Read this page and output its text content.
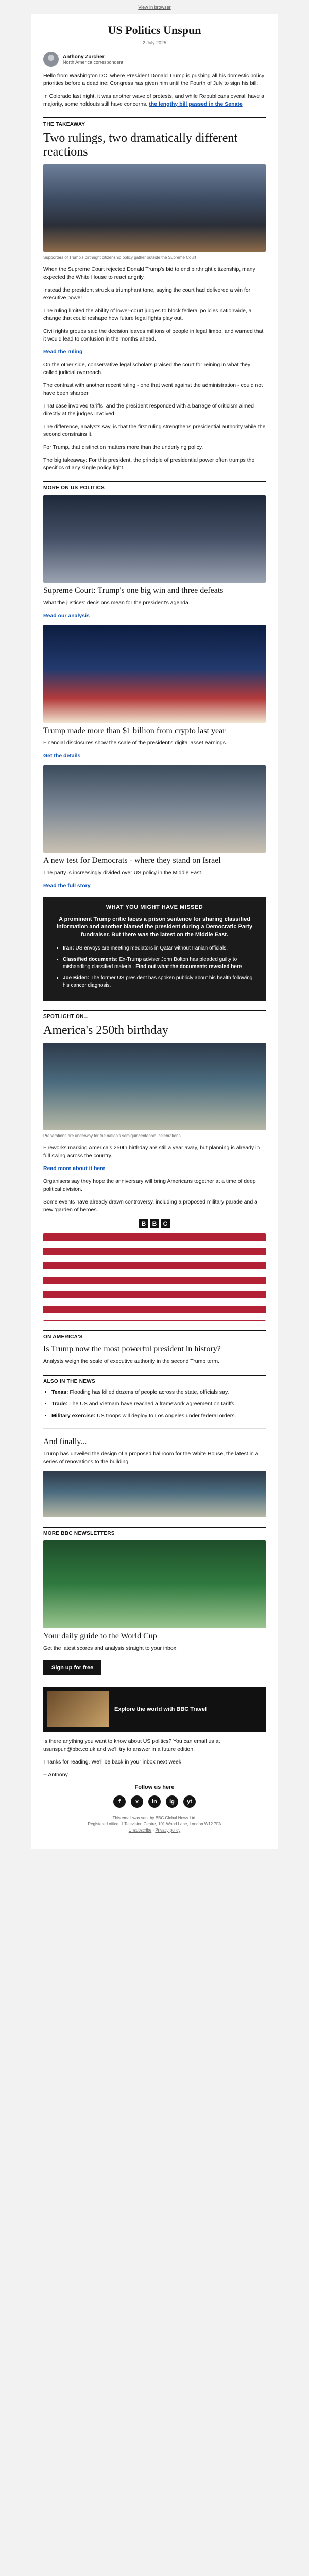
View in browser
US Politics Unspun
2 July 2025
Anthony Zurcher
North America correspondent

Hello from Washington DC, where President Donald Trump is pushing all his domestic policy priorities before a deadline: Congress has given him until the Fourth of July to sign his bill.

In Colorado last night, it was another wave of protests, and while Republicans overall have a majority, some holdouts still have concerns. the lengthy bill passed in the Senate

THE TAKEAWAY
Two rulings, two dramatically different reactions
Supporters of Trump's birthright citizenship policy gather outside the Supreme Court

When the Supreme Court rejected Donald Trump's bid to end birthright citizenship, many expected the White House to react angrily.

Instead the president struck a triumphant tone, saying the court had delivered a win for executive power.

The ruling limited the ability of lower-court judges to block federal policies nationwide, a change that could reshape how future legal fights play out.

Civil rights groups said the decision leaves millions of people in legal limbo, and warned that it would lead to confusion in the months ahead.

Read the ruling

On the other side, conservative legal scholars praised the court for reining in what they called judicial overreach.

The contrast with another recent ruling - one that went against the administration - could not have been sharper.

That case involved tariffs, and the president responded with a barrage of criticism aimed directly at the judges involved.

The difference, analysts say, is that the first ruling strengthens presidential authority while the second constrains it.

For Trump, that distinction matters more than the underlying policy.

The big takeaway: For this president, the principle of presidential power often trumps the specifics of any single policy fight.

MORE ON US POLITICS
Supreme Court: Trump's one big win and three defeats

What the justices' decisions mean for the president's agenda.

Read our analysis

Trump made more than $1 billion from crypto last year

Financial disclosures show the scale of the president's digital asset earnings.

Get the details

A new test for Democrats - where they stand on Israel

The party is increasingly divided over US policy in the Middle East.

Read the full story

WHAT YOU MIGHT HAVE MISSED
A prominent Trump critic faces a prison sentence for sharing classified information and another blamed the president during a Democratic Party fundraiser. But there was the latest on the Middle East.
• Iran: US envoys are meeting mediators in Qatar without Iranian officials,
• Classified documents: Ex-Trump adviser John Bolton has pleaded guilty to mishandling classified material. Find out what the documents revealed here
• Joe Biden: The former US president has spoken publicly about his health following his cancer diagnosis.
SPOTLIGHT ON...
America's 250th birthday
Preparations are underway for the nation's semiquincentennial celebrations.

Fireworks marking America's 250th birthday are still a year away, but planning is already in full swing across the country.

Read more about it here

Organisers say they hope the anniversary will bring Americans together at a time of deep political division.

Some events have already drawn controversy, including a proposed military parade and a new 'garden of heroes'.

B	B	C
ON AMERICA'S
Is Trump now the most powerful president in history?

Analysts weigh the scale of executive authority in the second Trump term.

ALSO IN THE NEWS
• Texas: Flooding has killed dozens of people across the state, officials say.
• Trade: The US and Vietnam have reached a framework agreement on tariffs.
• Military exercise: US troops will deploy to Los Angeles under federal orders.
And finally...

Trump has unveiled the design of a proposed ballroom for the White House, the latest in a series of renovations to the building.

MORE BBC NEWSLETTERS
Your daily guide to the World Cup

Get the latest scores and analysis straight to your inbox.

Sign up for free
Explore the world with BBC Travel

Is there anything you want to know about US politics? You can email us at usunspun@bbc.co.uk and we'll try to answer in a future edition.

Thanks for reading. We'll be back in your inbox next week.

-- Anthony

Follow us here
f	x	in	ig	yt
This email was sent by BBC Global News Ltd.
Registered office: 1 Television Centre, 101 Wood Lane, London W12 7FA
Unsubscribe · Privacy policy
